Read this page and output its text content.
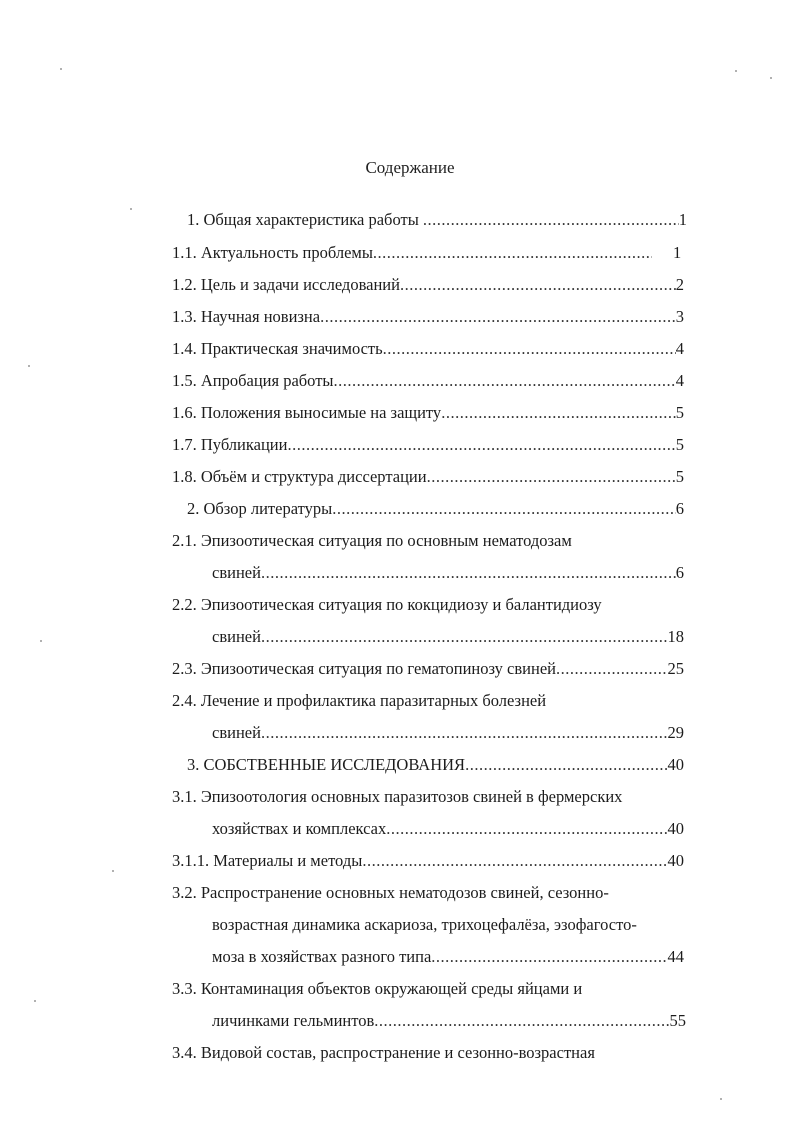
Содержание
1.
Общая характеристика работы
.....	1
1.1.
Актуальность проблемы .....	1
1.2.
Цель и задачи исследований .....	2
1.3.
Научная новизна .....	3
1.4.
Практическая значимость .....	4
1.5.
Апробация работы .....	4
1.6.
Положения выносимые на защиту .....	5
1.7.
Публикации .....	5
1.8.
Объём и структура диссертации .....	5
2.
Обзор литературы .....	6
2.1. Эпизоотическая ситуация по основным нематодозам
свиней .....	6
2.2. Эпизоотическая ситуация по кокцидиозу и балантидиозу
свиней .....	18
2.3.
Эпизоотическая ситуация по гематопинозу свиней .....	25
2.4. Лечение и профилактика паразитарных болезней
свиней .....	29
3.
СОБСТВЕННЫЕ ИССЛЕДОВАНИЯ .....	40
3.1. Эпизоотология основных паразитозов свиней в фермерских
хозяйствах и комплексах .....	40
3.1.1.
Материалы и методы .....	40
3.2. Распространение основных нематодозов свиней, сезонно-
возрастная динамика аскариоза, трихоцефалёза, эзофагосто-
моза в хозяйствах разного типа .....	44
3.3. Контаминация объектов окружающей среды яйцами и
личинками гельминтов .....	55
3.4. Видовой состав, распространение и сезонно-возрастная
